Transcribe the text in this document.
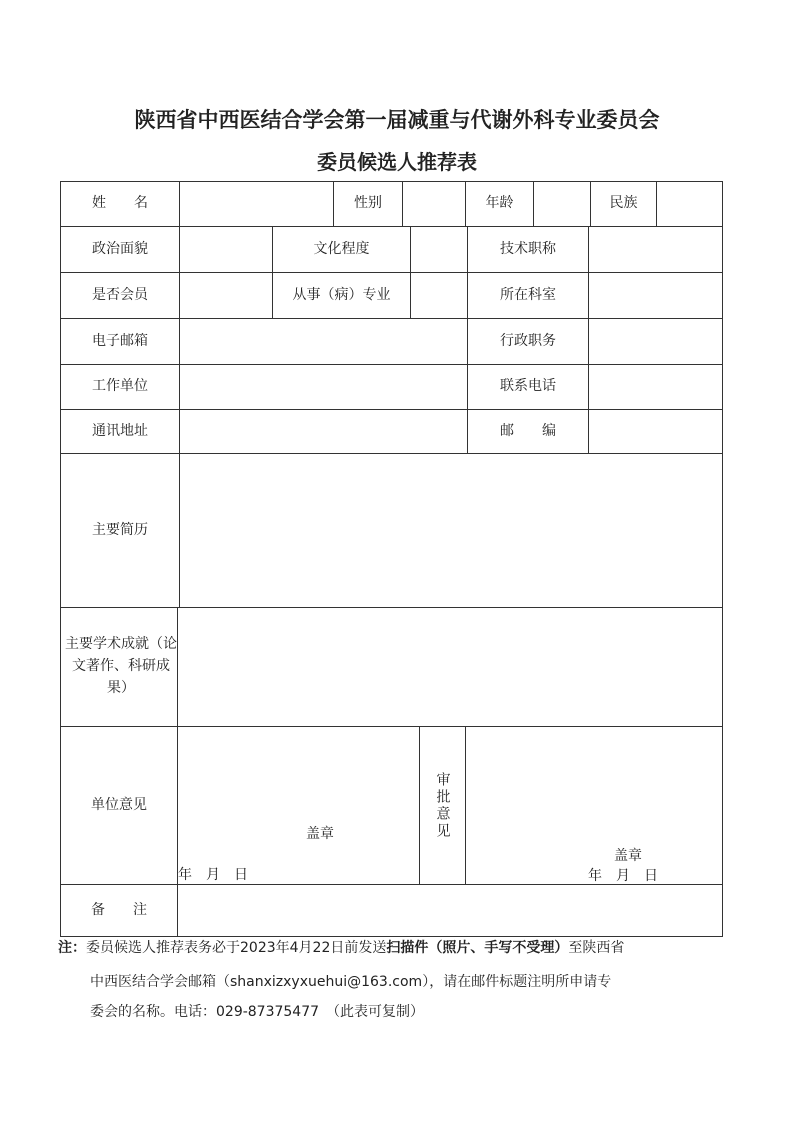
陕西省中西医结合学会第一届减重与代谢外科专业委员会
委员候选人推荐表
姓　　名	性别	年龄	民族
政治面貌	文化程度	技术职称
是否会员	从事（病）专业	所在科室
电子邮箱	行政职务
工作单位	联系电话
通讯地址	邮　　编
主要简历
主要学术成就（论文著作、科研成果）
单位意见
盖章
年　月　日
审批意见
盖章
年　月　日
备　　注
注：委员候选人推荐表务必于2023年4月22日前发送扫描件（照片、手写不受理）至陕西省
中西医结合学会邮箱（shanxizxyxuehui@163.com），请在邮件标题注明所申请专
委会的名称。电话：029-87375477　（此表可复制）
